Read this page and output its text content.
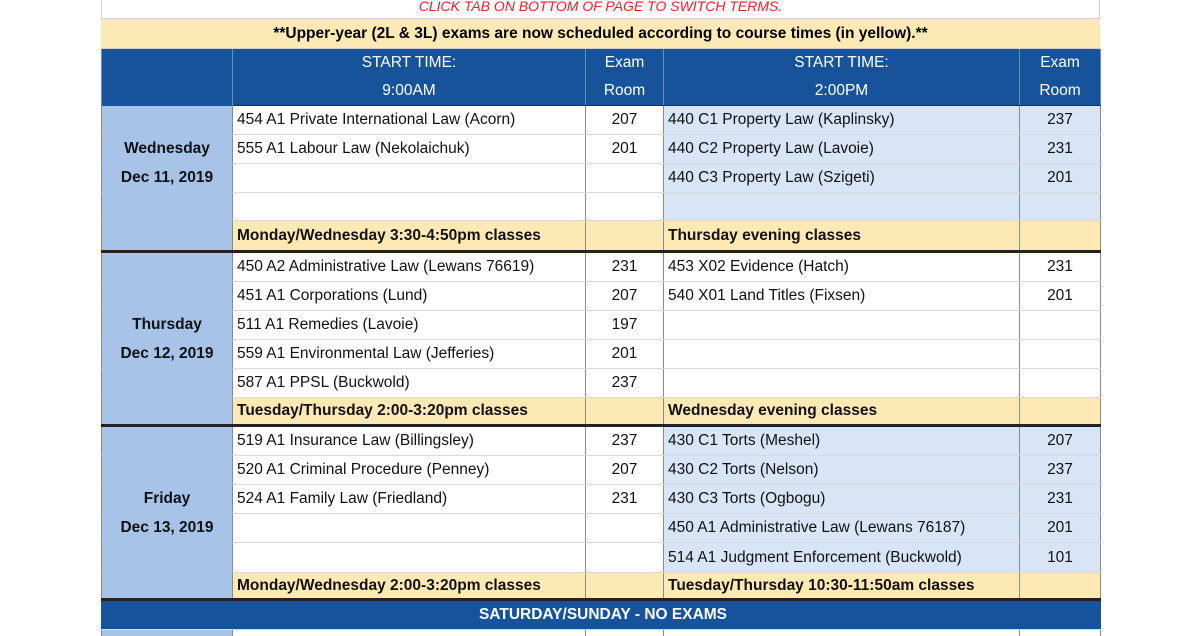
CLICK TAB ON BOTTOM OF PAGE TO SWITCH TERMS.
**Upper-year (2L & 3L) exams are now scheduled according to course times (in yellow).**
	START TIME:	Exam	START TIME:	Exam
	9:00AM	Room	2:00PM	Room
	454 A1 Private International Law (Acorn)	207	440 C1 Property Law (Kaplinsky)	237
Wednesday	555 A1 Labour Law (Nekolaichuk)	201	440 C2 Property Law (Lavoie)	231
Dec 11, 2019			440 C3 Property Law (Szigeti)	201

	Monday/Wednesday 3:30-4:50pm classes		Thursday evening classes	
	450 A2 Administrative Law (Lewans 76619)	231	453 X02 Evidence (Hatch)	231
	451 A1 Corporations (Lund)	207	540 X01 Land Titles (Fixsen)	201
Thursday	511 A1 Remedies (Lavoie)	197		
Dec 12, 2019	559 A1 Environmental Law (Jefferies)	201		
	587 A1 PPSL (Buckwold)	237		
	Tuesday/Thursday 2:00-3:20pm classes		Wednesday evening classes	
	519 A1 Insurance Law (Billingsley)	237	430 C1 Torts (Meshel)	207
	520 A1 Criminal Procedure (Penney)	207	430 C2 Torts (Nelson)	237
Friday	524 A1 Family Law (Friedland)	231	430 C3 Torts (Ogbogu)	231
Dec 13, 2019			450 A1 Administrative Law (Lewans 76187)	201
			514 A1 Judgment Enforcement (Buckwold)	101
	Monday/Wednesday 2:00-3:20pm classes		Tuesday/Thursday 10:30-11:50am classes	
SATURDAY/SUNDAY - NO EXAMS				
